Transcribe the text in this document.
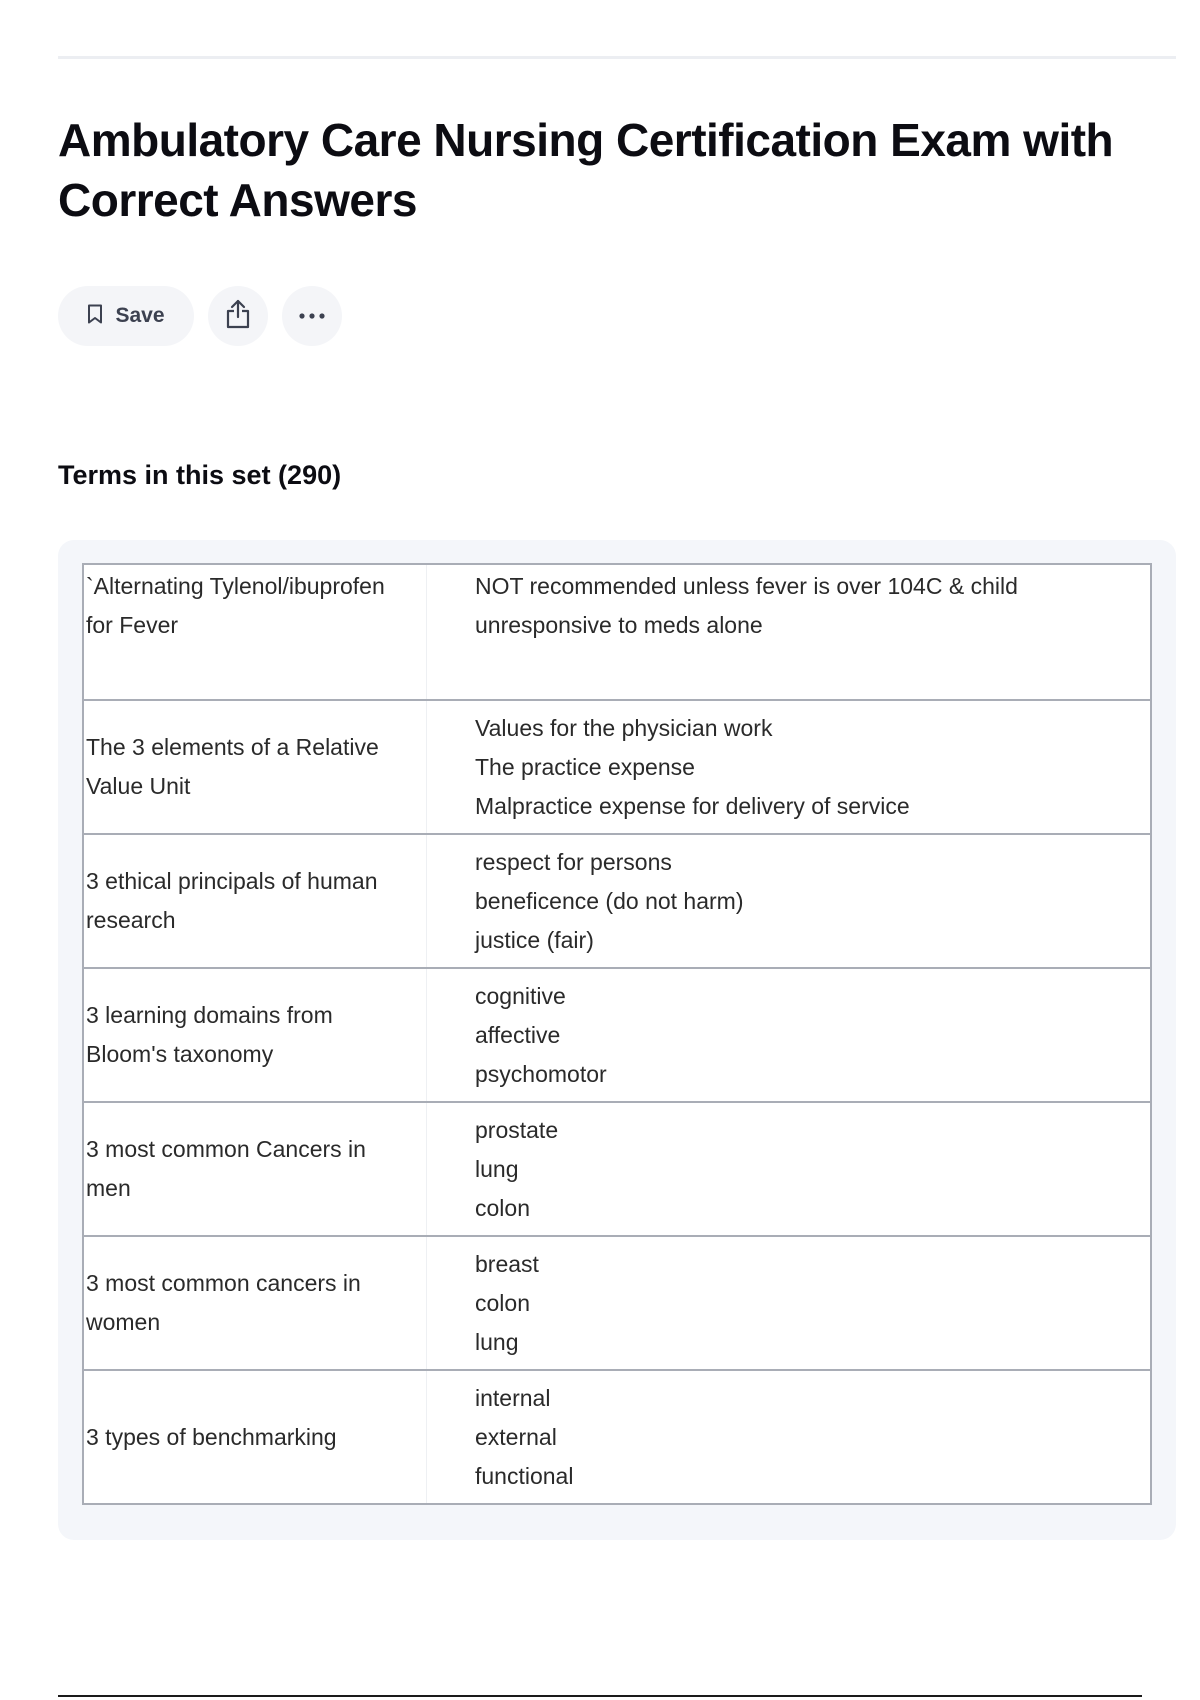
Ambulatory Care Nursing Certification Exam with Correct Answers
Save
Terms in this set (290)
`Alternating Tylenol/ibuprofen for Fever	NOT recommended unless fever is over 104C & child unresponsive to meds alone

The 3 elements of a Relative Value Unit	Values for the physician work
The practice expense
Malpractice expense for delivery of service

3 ethical principals of human research	respect for persons
beneficence (do not harm)
justice (fair)

3 learning domains from Bloom's taxonomy	cognitive
affective
psychomotor

3 most common Cancers in men	prostate
lung
colon

3 most common cancers in women	breast
colon
lung

3 types of benchmarking	internal
external
functional
